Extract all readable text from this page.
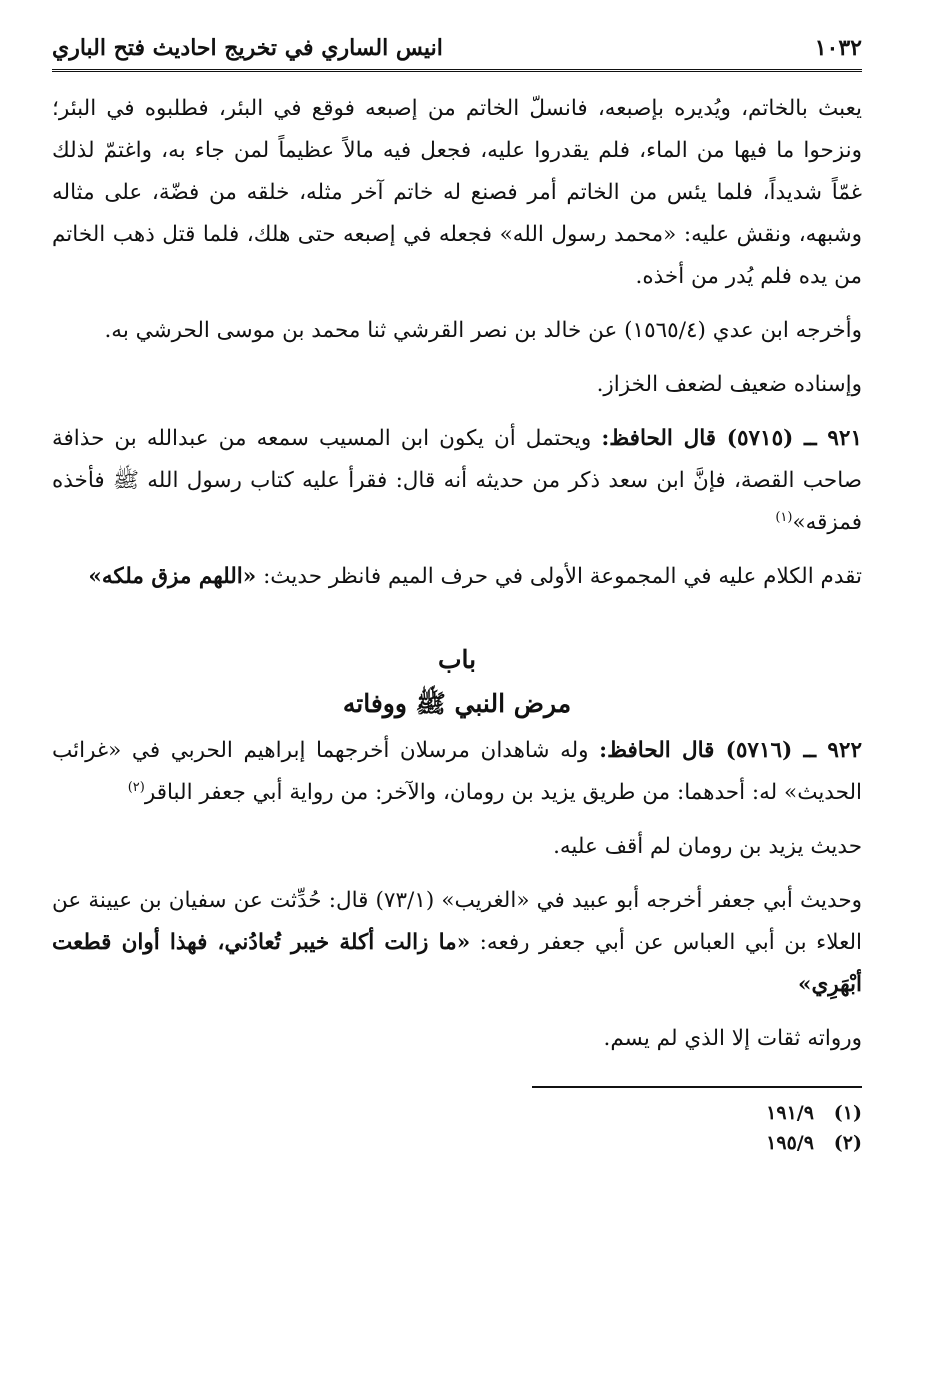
١٠٣٢
انيس الساري في تخريج احاديث فتح الباري

يعبث بالخاتم، ويُديره بإصبعه، فانسلّ الخاتم من إصبعه فوقع في البئر، فطلبوه في البئر؛ ونزحوا ما فيها من الماء، فلم يقدروا عليه، فجعل فيه مالاً عظيماً لمن جاء به، واغتمّ لذلك غمّاً شديداً، فلما يئس من الخاتم أمر فصنع له خاتم آخر مثله، خلقه من فضّة، على مثاله وشبهه، ونقش عليه: «محمد رسول الله» فجعله في إصبعه حتى هلك، فلما قتل ذهب الخاتم من يده فلم يُدر من أخذه.

وأخرجه ابن عدي (١٥٦٥/٤) عن خالد بن نصر القرشي ثنا محمد بن موسى الحرشي به.

وإسناده ضعيف لضعف الخزاز.

٩٢١ ــ (٥٧١٥) قال الحافظ: ويحتمل أن يكون ابن المسيب سمعه من عبدالله بن حذافة صاحب القصة، فإنَّ ابن سعد ذكر من حديثه أنه قال: فقرأ عليه كتاب رسول الله ﷺ فأخذه فمزقه»$^{(١)}$

تقدم الكلام عليه في المجموعة الأولى في حرف الميم فانظر حديث: «اللهم مزق ملكه»

باب

مرض النبي ﷺ ووفاته

٩٢٢ ــ (٥٧١٦) قال الحافظ: وله شاهدان مرسلان أخرجهما إبراهيم الحربي في «غرائب الحديث» له: أحدهما: من طريق يزيد بن رومان، والآخر: من رواية أبي جعفر الباقر$^{(٢)}$

حديث يزيد بن رومان لم أقف عليه.

وحديث أبي جعفر أخرجه أبو عبيد في «الغريب» (٧٣/١) قال: حُدِّثت عن سفيان بن عيينة عن العلاء بن أبي العباس عن أبي جعفر رفعه: «ما زالت أكلة خيبر تُعادُني، فهذا أوان قطعت أبْهَرِي»

ورواته ثقات إلا الذي لم يسم.

(١)   ١٩١/٩

(٢)   ١٩٥/٩
